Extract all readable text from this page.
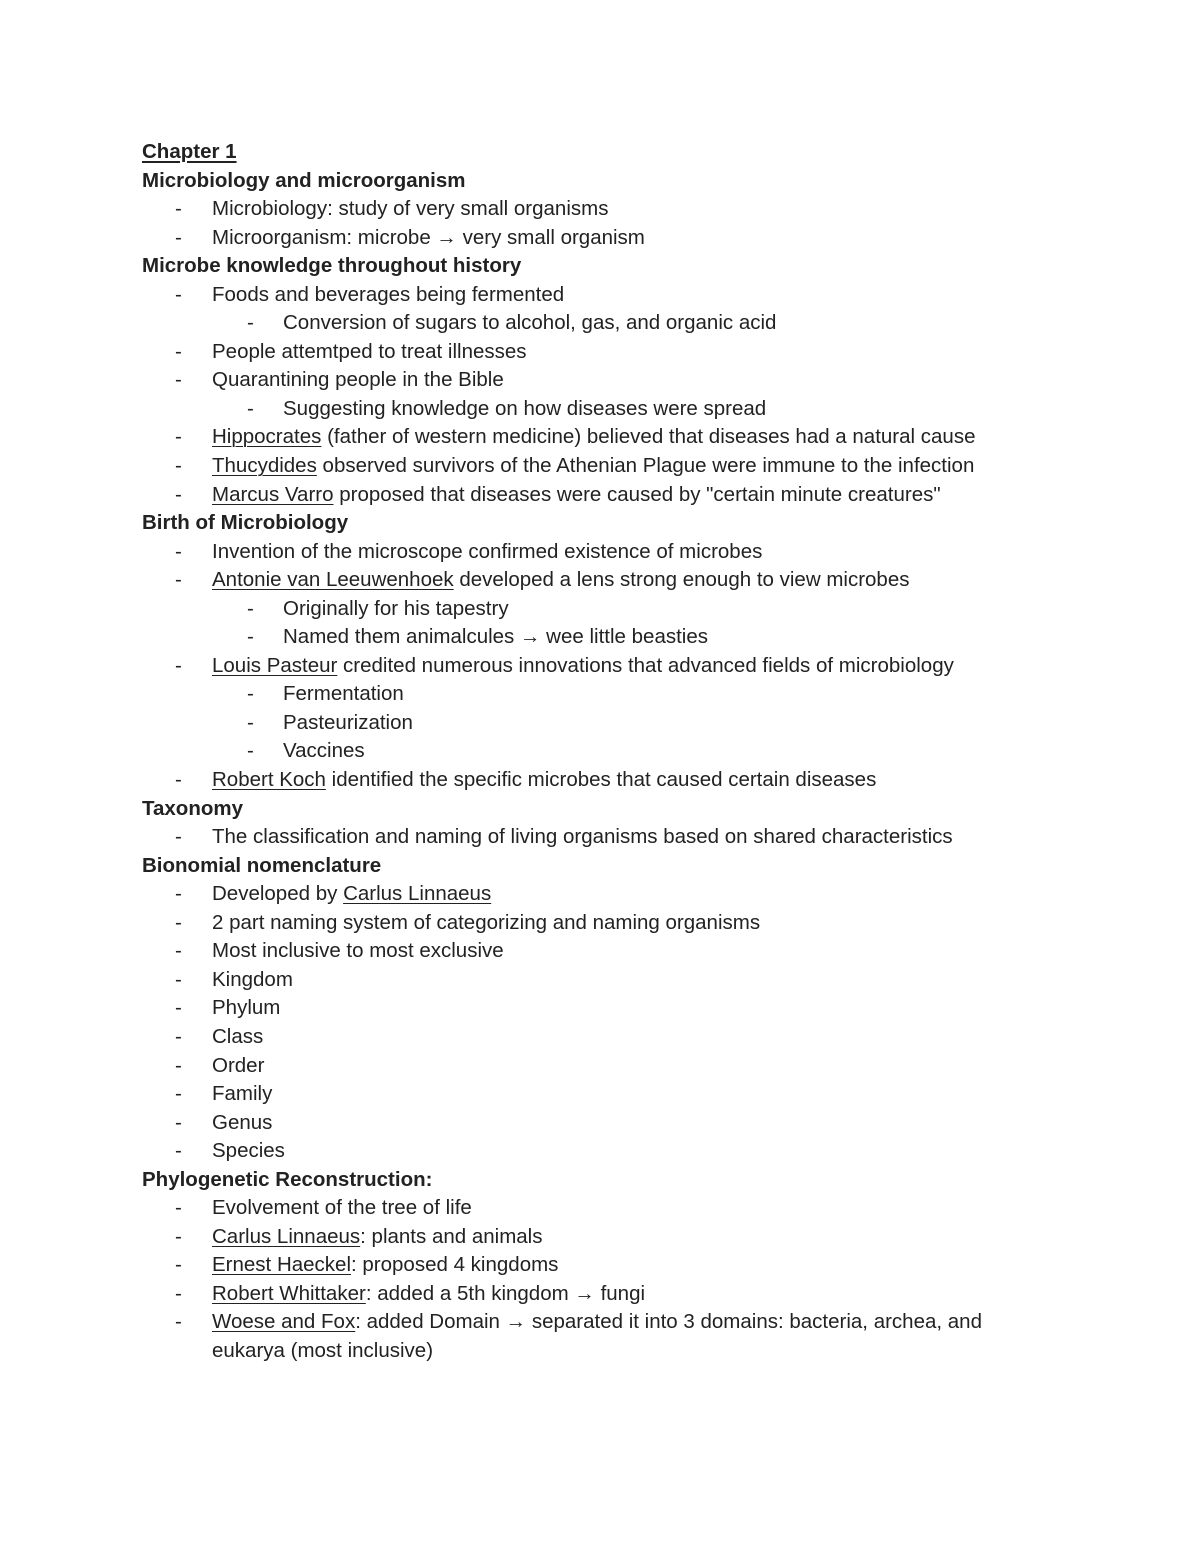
Chapter 1
Microbiology and microorganism
- Microbiology: study of very small organisms
- Microorganism: microbe → very small organism
Microbe knowledge throughout history
- Foods and beverages being fermented
- Conversion of sugars to alcohol, gas, and organic acid
- People attemtped to treat illnesses
- Quarantining people in the Bible
- Suggesting knowledge on how diseases were spread
- Hippocrates (father of western medicine) believed that diseases had a natural cause
- Thucydides observed survivors of the Athenian Plague were immune to the infection
- Marcus Varro proposed that diseases were caused by "certain minute creatures"
Birth of Microbiology
- Invention of the microscope confirmed existence of microbes
- Antonie van Leeuwenhoek developed a lens strong enough to view microbes
- Originally for his tapestry
- Named them animalcules → wee little beasties
- Louis Pasteur credited numerous innovations that advanced fields of microbiology
- Fermentation
- Pasteurization
- Vaccines
- Robert Koch identified the specific microbes that caused certain diseases
Taxonomy
- The classification and naming of living organisms based on shared characteristics
Bionomial nomenclature
- Developed by Carlus Linnaeus
- 2 part naming system of categorizing and naming organisms
- Most inclusive to most exclusive
- Kingdom
- Phylum
- Class
- Order
- Family
- Genus
- Species
Phylogenetic Reconstruction:
- Evolvement of the tree of life
- Carlus Linnaeus: plants and animals
- Ernest Haeckel: proposed 4 kingdoms
- Robert Whittaker: added a 5th kingdom → fungi
- Woese and Fox: added Domain → separated it into 3 domains: bacteria, archea, and eukarya (most inclusive)
